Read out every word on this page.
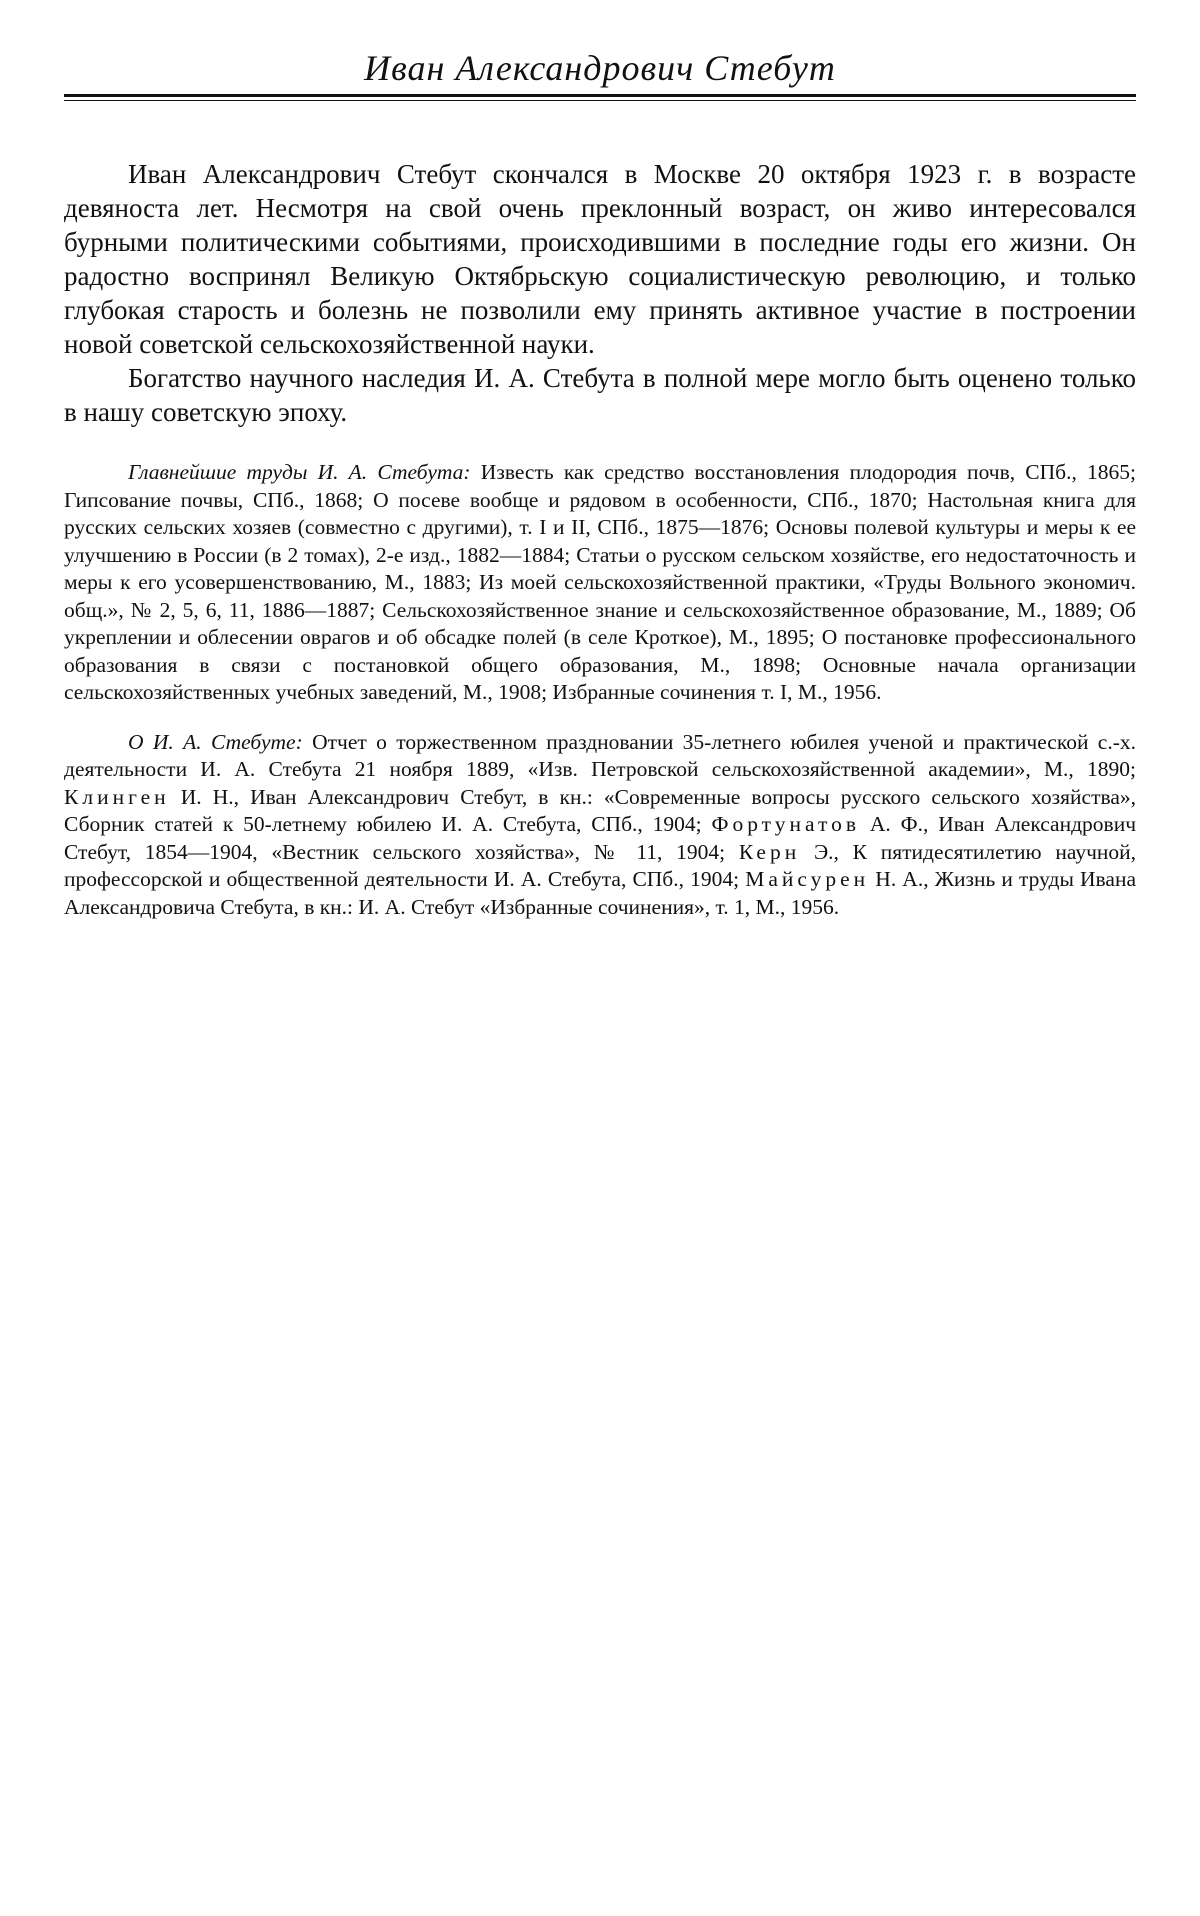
Иван Александрович Стебут

Иван Александрович Стебут скончался в Москве 20 октября 1923 г. в возрасте девяноста лет. Несмотря на свой очень преклонный возраст, он живо интересовался бурными политическими событиями, происходившими в последние годы его жизни. Он радостно воспринял Великую Октябрьскую социалистическую революцию, и только глубокая старость и болезнь не позволили ему принять активное участие в построении новой советской сельскохозяйственной науки.

Богатство научного наследия И. А. Стебута в полной мере могло быть оценено только в нашу советскую эпоху.

Главнейшие труды И. А. Стебута: Известь как средство восстановления плодородия почв, СПб., 1865; Гипсование почвы, СПб., 1868; О посеве вообще и рядовом в особенности, СПб., 1870; Настольная книга для русских сельских хозяев (совместно с другими), т. I и II, СПб., 1875—1876; Основы полевой культуры и меры к ее улучшению в России (в 2 томах), 2-е изд., 1882—1884; Статьи о русском сельском хозяйстве, его недостаточность и меры к его усовершенствованию, М., 1883; Из моей сельскохозяйственной практики, «Труды Вольного экономич. общ.», № 2, 5, 6, 11, 1886—1887; Сельскохозяйственное знание и сельскохозяйственное образование, М., 1889; Об укреплении и облесении оврагов и об обсадке полей (в селе Кроткое), М., 1895; О постановке профессионального образования в связи с постановкой общего образования, М., 1898; Основные начала организации сельскохозяйственных учебных заведений, М., 1908; Избранные сочинения т. I, М., 1956.

О И. А. Стебуте: Отчет о торжественном праздновании 35-летнего юбилея ученой и практической с.-х. деятельности И. А. Стебута 21 ноября 1889, «Изв. Петровской сельскохозяйственной академии», М., 1890; Клинген И. Н., Иван Александрович Стебут, в кн.: «Современные вопросы русского сельского хозяйства», Сборник статей к 50-летнему юбилею И. А. Стебута, СПб., 1904; Фортунатов А. Ф., Иван Александрович Стебут, 1854—1904, «Вестник сельского хозяйства», № 11, 1904; Керн Э., К пятидесятилетию научной, профессорской и общественной деятельности И. А. Стебута, СПб., 1904; Майсурен Н. А., Жизнь и труды Ивана Александровича Стебута, в кн.: И. А. Стебут «Избранные сочинения», т. 1, М., 1956.
